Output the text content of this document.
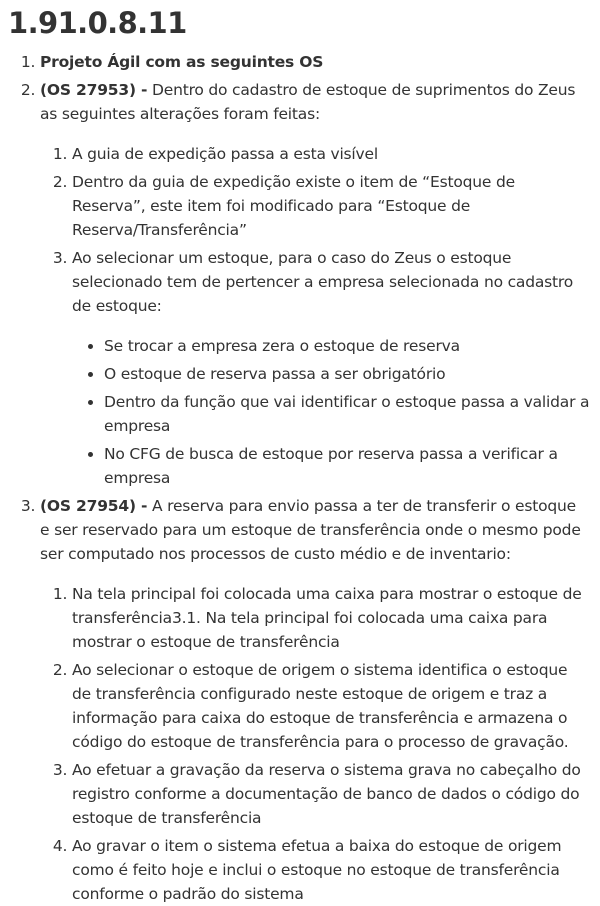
1.91.0.8.11
1. Projeto Ágil com as seguintes OS
2. (OS 27953) - Dentro do cadastro de estoque de suprimentos do Zeus as seguintes alterações foram feitas:
1. A guia de expedição passa a esta visível
2. Dentro da guia de expedição existe o item de “Estoque de Reserva”, este item foi modificado para “Estoque de Reserva/Transferência”
3. Ao selecionar um estoque, para o caso do Zeus o estoque selecionado tem de pertencer a empresa selecionada no cadastro de estoque:
• Se trocar a empresa zera o estoque de reserva
• O estoque de reserva passa a ser obrigatório
• Dentro da função que vai identificar o estoque passa a validar a empresa
• No CFG de busca de estoque por reserva passa a verificar a empresa
3. (OS 27954) - A reserva para envio passa a ter de transferir o estoque e ser reservado para um estoque de transferência onde o mesmo pode ser computado nos processos de custo médio e de inventario:
1. Na tela principal foi colocada uma caixa para mostrar o estoque de transferência3.1. Na tela principal foi colocada uma caixa para mostrar o estoque de transferência
2. Ao selecionar o estoque de origem o sistema identifica o estoque de transferência configurado neste estoque de origem e traz a informação para caixa do estoque de transferência e armazena o código do estoque de transferência para o processo de gravação.
3. Ao efetuar a gravação da reserva o sistema grava no cabeçalho do registro conforme a documentação de banco de dados o código do estoque de transferência
4. Ao gravar o item o sistema efetua a baixa do estoque de origem como é feito hoje e inclui o estoque no estoque de transferência conforme o padrão do sistema
